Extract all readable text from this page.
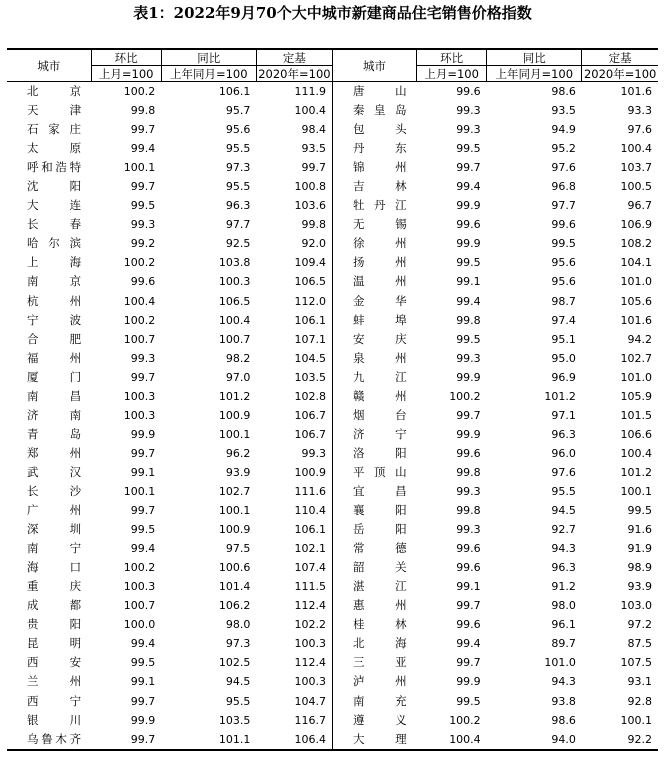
表1：2022年9月70个大中城市新建商品住宅销售价格指数
城市	环比	同比	定基	城市	环比	同比	定基
	上月=100	上年同月=100	2020年=100		上月=100	上年同月=100	2020年=100
北　京	100.2	106.1	111.9	唐　山	99.6	98.6	101.6
天　津	99.8	95.7	100.4	秦皇岛	99.3	93.5	93.3
石家庄	99.7	95.6	98.4	包　头	99.3	94.9	97.6
太　原	99.4	95.5	93.5	丹　东	99.5	95.2	100.4
呼和浩特	100.1	97.3	99.7	锦　州	99.7	97.6	103.7
沈　阳	99.7	95.5	100.8	吉　林	99.4	96.8	100.5
大　连	99.5	96.3	103.6	牡丹江	99.9	97.7	96.7
长　春	99.3	97.7	99.8	无　锡	99.6	99.6	106.9
哈尔滨	99.2	92.5	92.0	徐　州	99.9	99.5	108.2
上　海	100.2	103.8	109.4	扬　州	99.5	95.6	104.1
南　京	99.6	100.3	106.5	温　州	99.1	95.6	101.0
杭　州	100.4	106.5	112.0	金　华	99.4	98.7	105.6
宁　波	100.2	100.4	106.1	蚌　埠	99.8	97.4	101.6
合　肥	100.7	100.7	107.1	安　庆	99.5	95.1	94.2
福　州	99.3	98.2	104.5	泉　州	99.3	95.0	102.7
厦　门	99.7	97.0	103.5	九　江	99.9	96.9	101.0
南　昌	100.3	101.2	102.8	赣　州	100.2	101.2	105.9
济　南	100.3	100.9	106.7	烟　台	99.7	97.1	101.5
青　岛	99.9	100.1	106.7	济　宁	99.9	96.3	106.6
郑　州	99.7	96.2	99.3	洛　阳	99.6	96.0	100.4
武　汉	99.1	93.9	100.9	平顶山	99.8	97.6	101.2
长　沙	100.1	102.7	111.6	宜　昌	99.3	95.5	100.1
广　州	99.7	100.1	110.4	襄　阳	99.8	94.5	99.5
深　圳	99.5	100.9	106.1	岳　阳	99.3	92.7	91.6
南　宁	99.4	97.5	102.1	常　德	99.6	94.3	91.9
海　口	100.2	100.6	107.4	韶　关	99.6	96.3	98.9
重　庆	100.3	101.4	111.5	湛　江	99.1	91.2	93.9
成　都	100.7	106.2	112.4	惠　州	99.7	98.0	103.0
贵　阳	100.0	98.0	102.2	桂　林	99.6	96.1	97.2
昆　明	99.4	97.3	100.3	北　海	99.4	89.7	87.5
西　安	99.5	102.5	112.4	三　亚	99.7	101.0	107.5
兰　州	99.1	94.5	100.3	泸　州	99.9	94.3	93.1
西　宁	99.7	95.5	104.7	南　充	99.5	93.8	92.8
银　川	99.9	103.5	116.7	遵　义	100.2	98.6	100.1
乌鲁木齐	99.7	101.1	106.4	大　理	100.4	94.0	92.2
